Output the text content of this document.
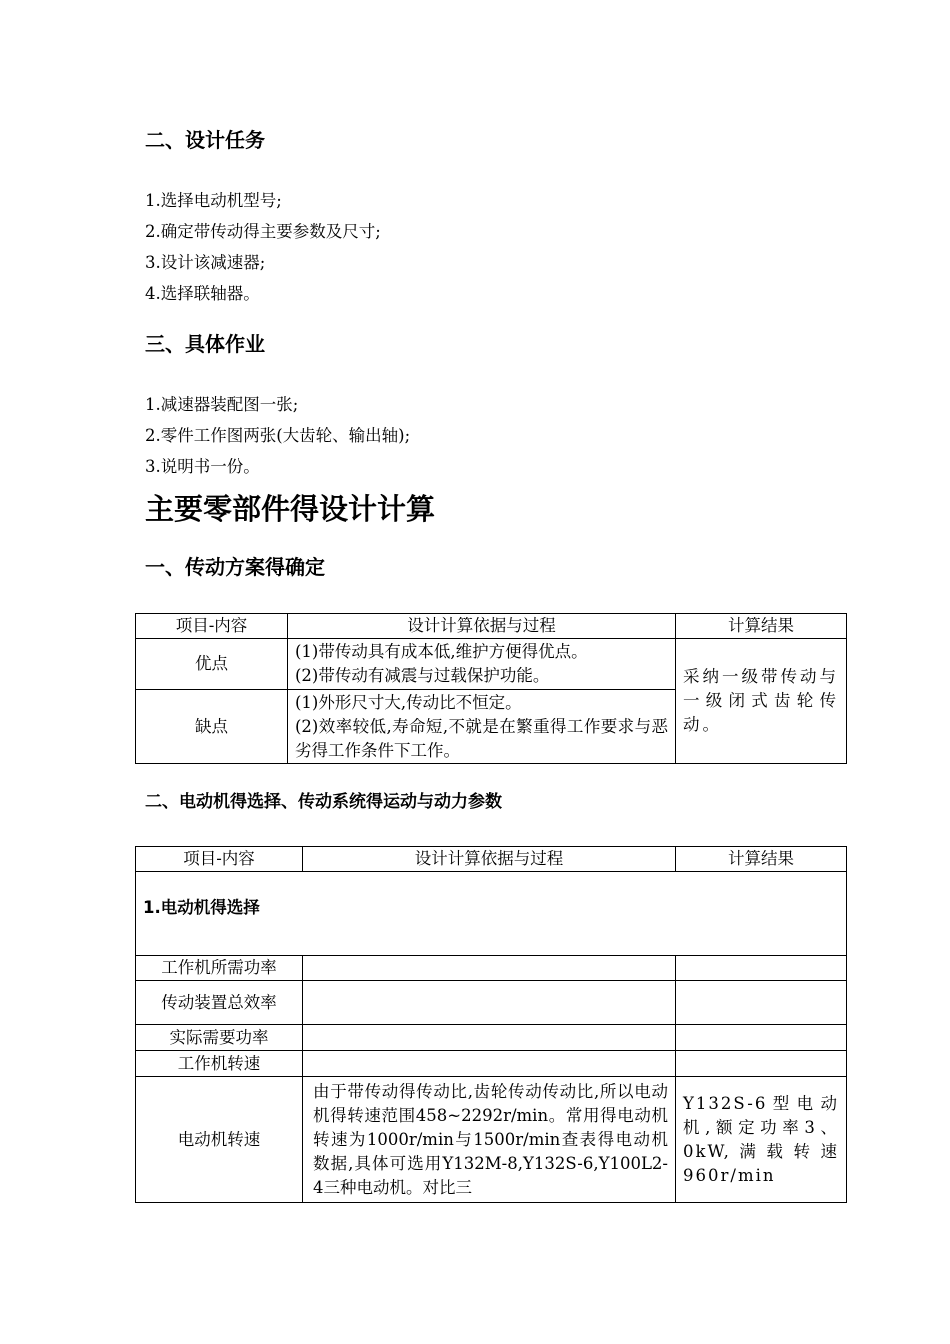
二、设计任务
1.选择电动机型号;
2.确定带传动得主要参数及尺寸;
3.设计该减速器;
4.选择联轴器。
三、具体作业
1.减速器装配图一张;
2.零件工作图两张(大齿轮、输出轴);
3.说明书一份。
主要零部件得设计计算
一、传动方案得确定
项目-内容	设计计算依据与过程	计算结果
优点	(1)带传动具有成本低,维护方便得优点。
(2)带传动有减震与过载保护功能。	采纳一级带传动与一级闭式齿轮传动。
缺点	(1)外形尺寸大,传动比不恒定。
(2)效率较低,寿命短,不就是在繁重得工作要求与恶劣得工作条件下工作。	
二、电动机得选择、传动系统得运动与动力参数
项目-内容	设计计算依据与过程	计算结果
1.电动机得选择		
工作机所需功率		
传动装置总效率		
实际需要功率		
工作机转速		
电动机转速	由于带传动得传动比,齿轮传动传动比,所以电动机得转速范围458~2292r/min。常用得电动机转速为1000r/min与1500r/min查表得电动机数据,具体可选用Y132M-8,Y132S-6,Y100L2-4三种电动机。对比三	Y132S-6型电动机,额定功率3、0kW,满载转速960r/min
